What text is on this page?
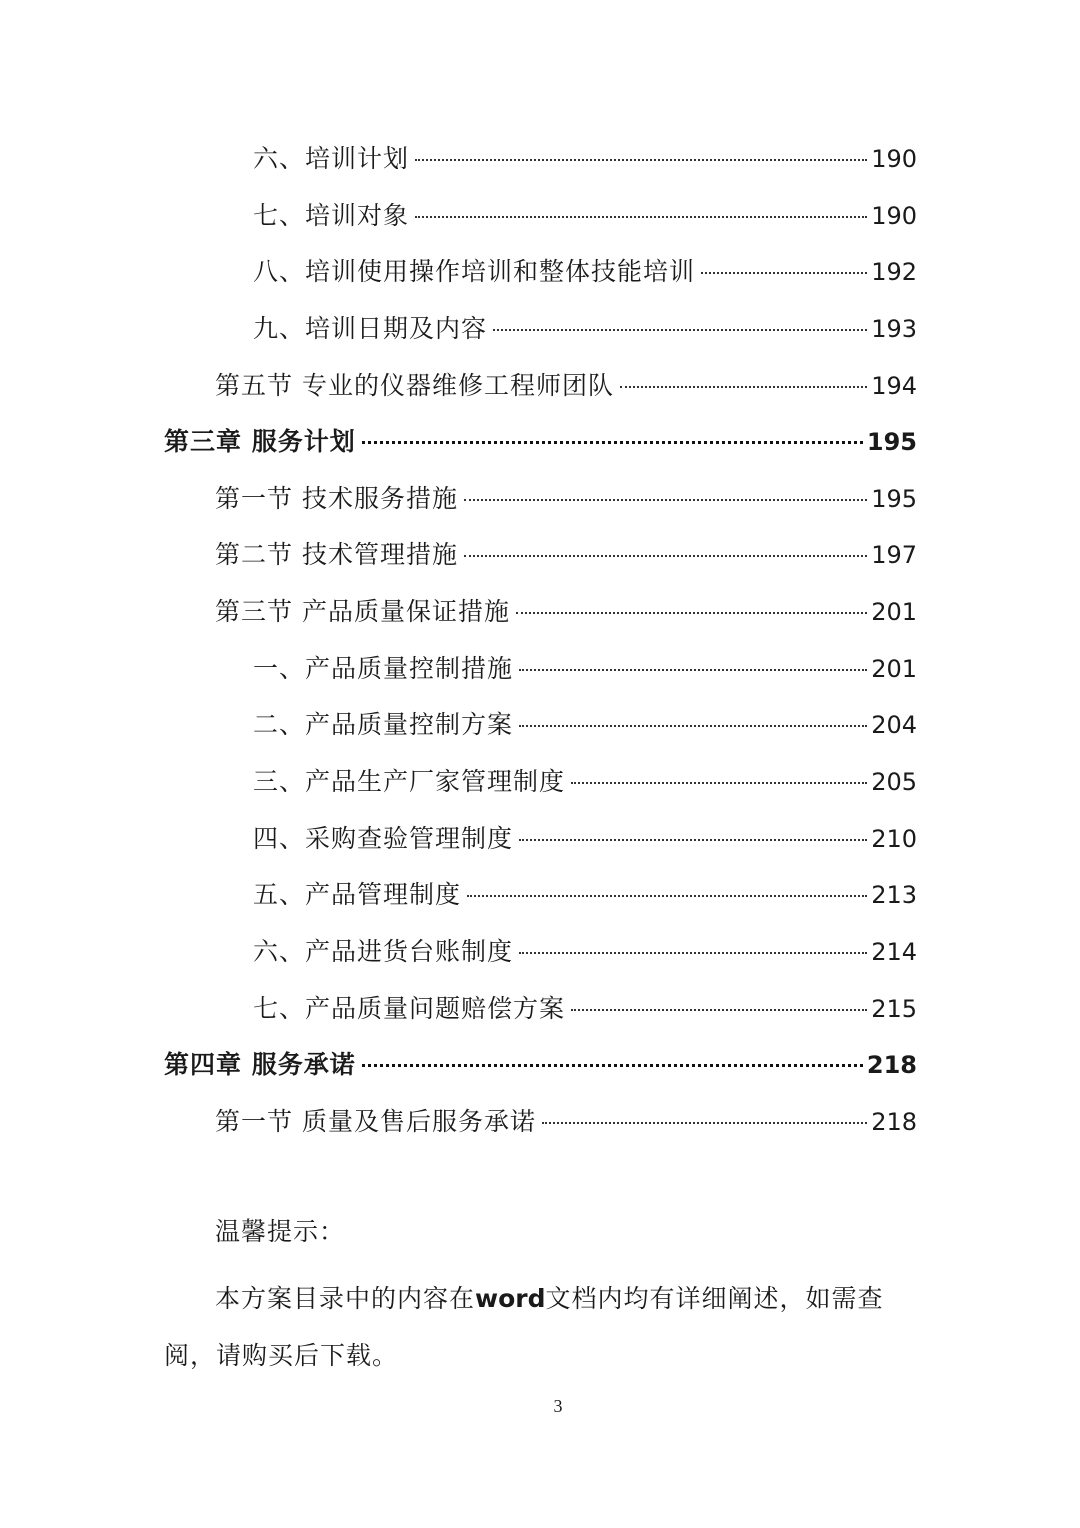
六、培训计划	190
七、培训对象	190
八、培训使用操作培训和整体技能培训	192
九、培训日期及内容	193
第五节 专业的仪器维修工程师团队	194
第三章 服务计划	195
第一节 技术服务措施	195
第二节 技术管理措施	197
第三节 产品质量保证措施	201
一、产品质量控制措施	201
二、产品质量控制方案	204
三、产品生产厂家管理制度	205
四、采购查验管理制度	210
五、产品管理制度	213
六、产品进货台账制度	214
七、产品质量问题赔偿方案	215
第四章 服务承诺	218
第一节 质量及售后服务承诺	218
温馨提示：
本方案目录中的内容在word文档内均有详细阐述，如需查阅，请购买后下载。
3
